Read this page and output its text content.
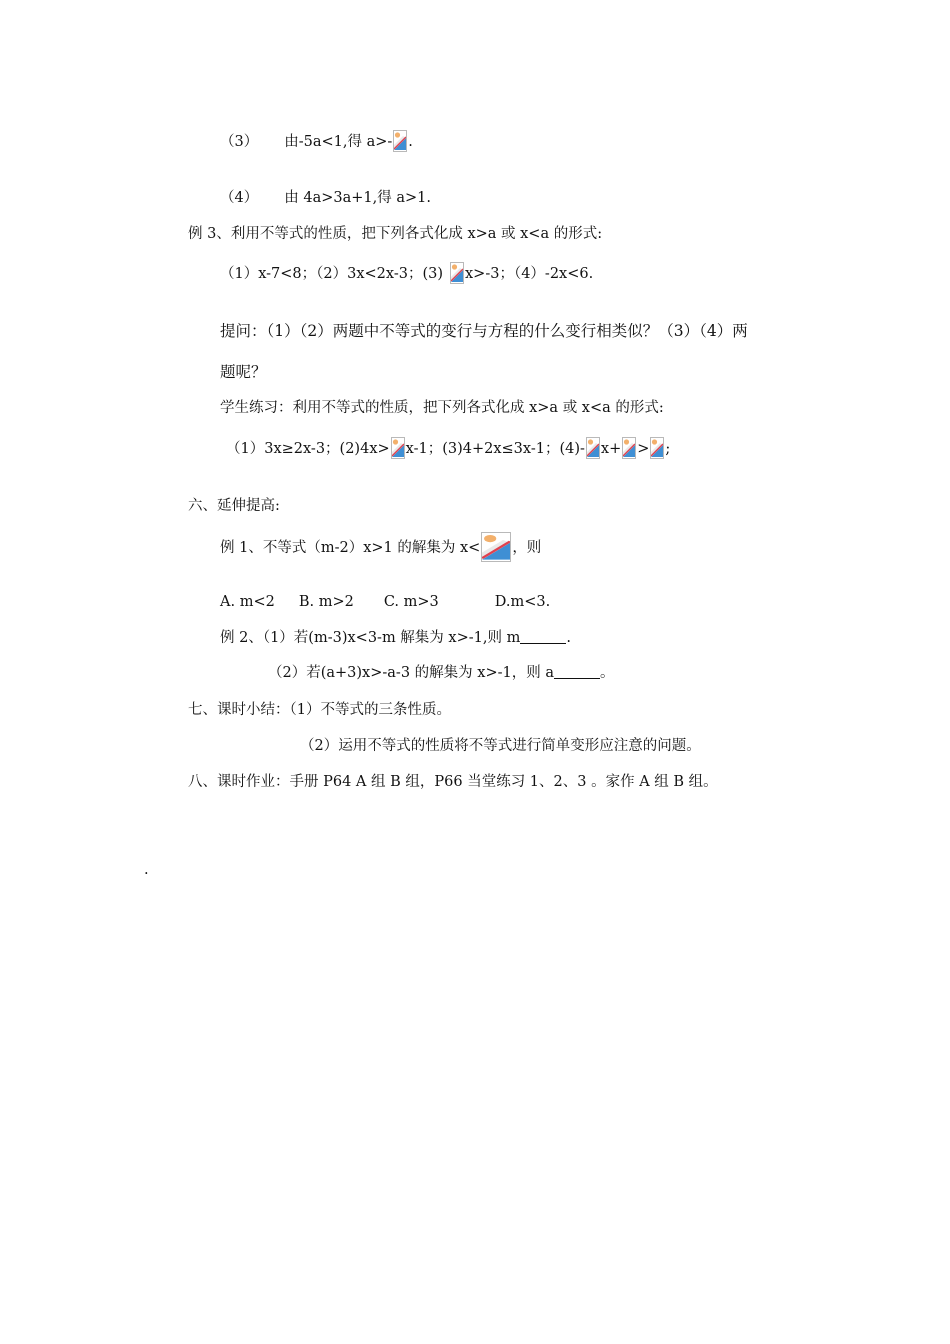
（3） 由-5a<1,得 a>- .
（4） 由 4a>3a+1,得 a>1.
例 3、利用不等式的性质，把下列各式化成 x>a 或 x<a 的形式:
（1）x-7<8；（2）3x<2x-3；(3) x>-3；（4）-2x<6.
提问：（1）（2）两题中不等式的变行与方程的什么变行相类似？（3）（4）两
题呢？
学生练习：利用不等式的性质，把下列各式化成 x>a 或 x<a 的形式:
（1）3x≥2x-3；(2)4x> x-1；(3)4+2x≤3x-1；(4)- x+ > ;
六、延伸提高:
例 1、不等式（m-2）x>1 的解集为 x< ，则
A. m<2 B. m>2 C. m>3	D.m<3.
例 2、（1）若(m-3)x<3-m 解集为 x>-1,则 m	.
（2）若(a+3)x>-a-3 的解集为 x>-1，则 a	。
七、课时小结：（1）不等式的三条性质。
（2）运用不等式的性质将不等式进行简单变形应注意的问题。
八、课时作业：手册 P64 A 组 B 组，P66 当堂练习 1、2、3 。家作 A 组 B 组。
.
